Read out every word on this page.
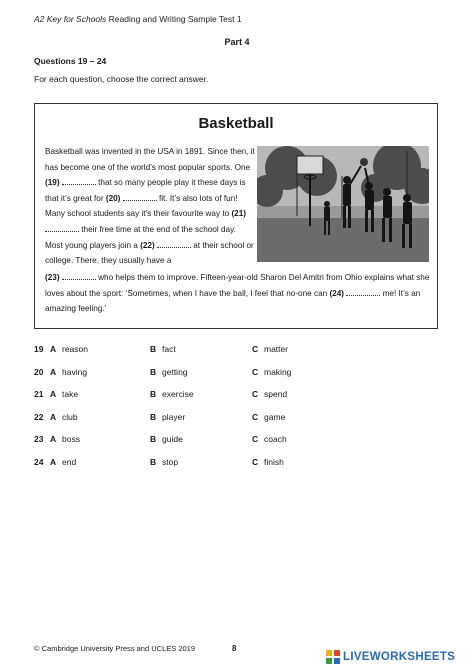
A2 Key for Schools Reading and Writing Sample Test 1
Part 4
Questions 19 – 24
For each question, choose the correct answer.
Basketball
Basketball was invented in the USA in 1891. Since then, it has become one of the world’s most popular sports. One (19)	that so many people play it these days is that it’s great for (20)	fit. It’s also lots of fun! Many school students say it’s their favourite way to (21)  their free time at the end of the school day. Most young players join a (22)	at their school or college. There, they usually have a
(23)	who helps them to improve. Fifteen-year-old Sharon Del Amitri from Ohio explains what she loves about the sport: ‘Sometimes, when I have the ball, I feel that no-one can (24)	me! It’s an amazing feeling.’
19 A reason	B fact	C matter
20 A having	B getting	C making
21 A take	B exercise	C spend
22 A club	B player	C game
23 A boss	B guide	C coach
24 A end	B stop	C finish
© Cambridge University Press and UCLES 2019	8
LIVEWORKSHEETS
